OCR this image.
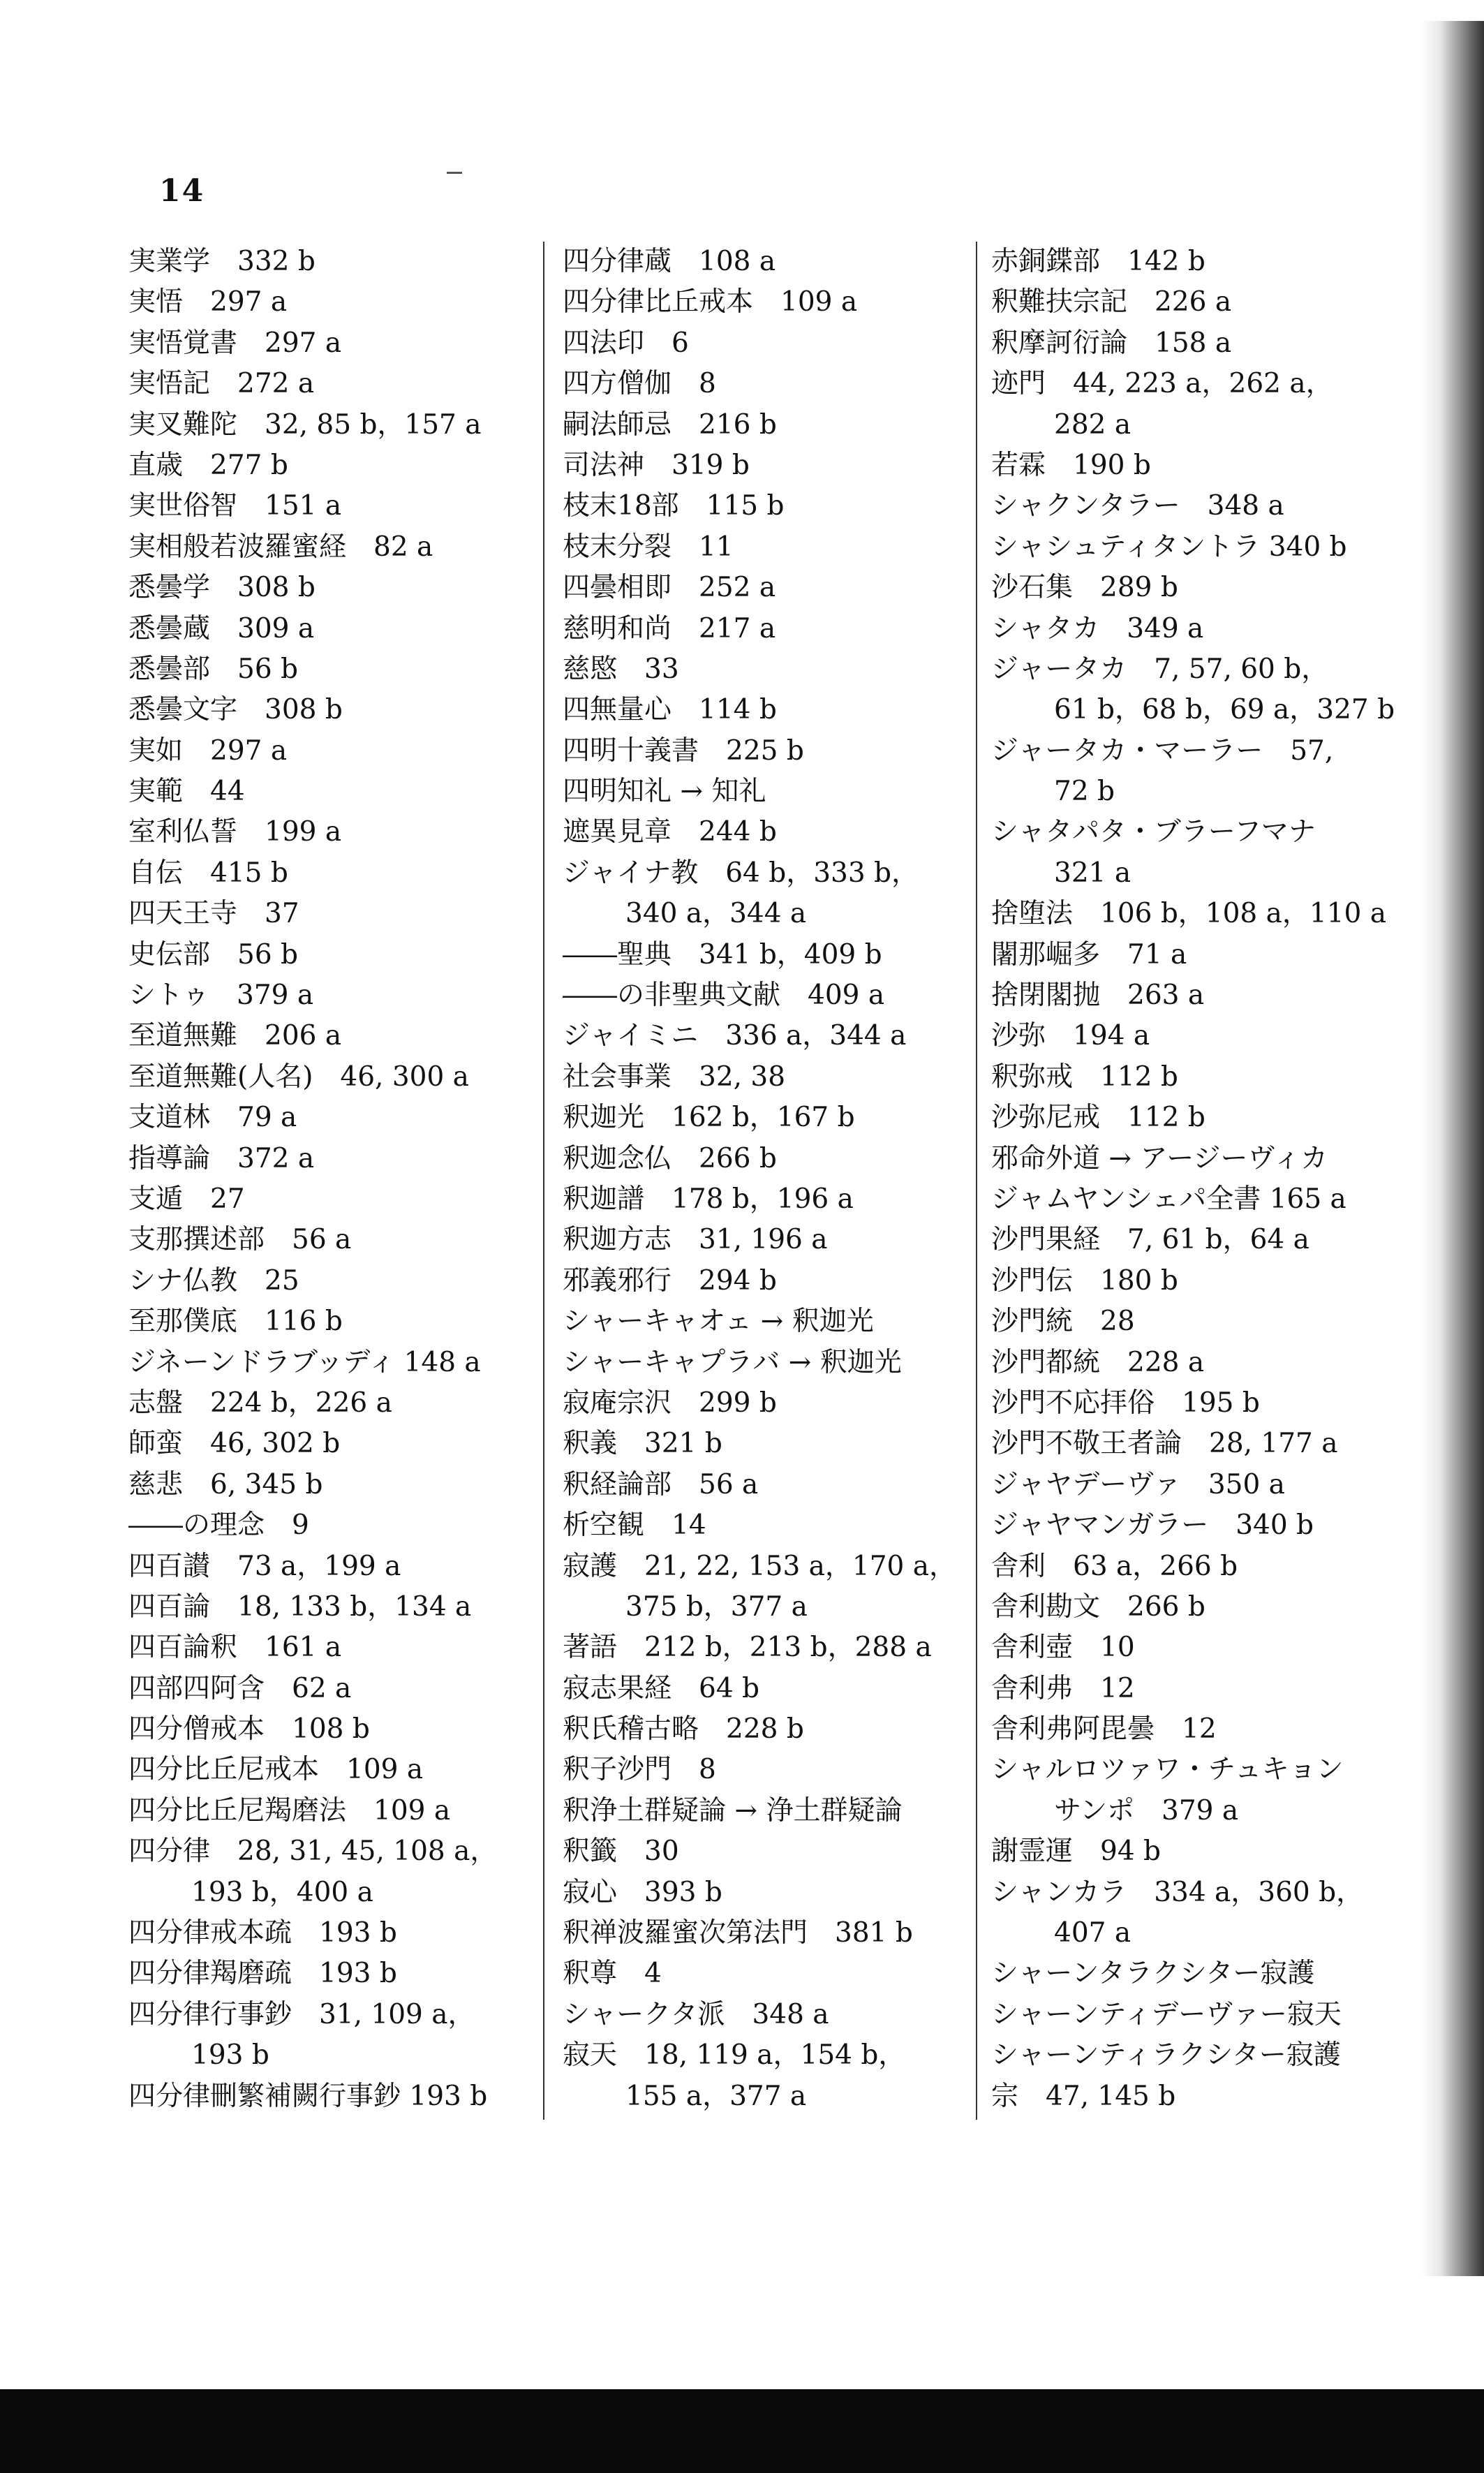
14
実業学　332 b
実悟　297 a
実悟覚書　297 a
実悟記　272 a
実叉難陀　32, 85 b，157 a
直歳　277 b
実世俗智　151 a
実相般若波羅蜜経　82 a
悉曇学　308 b
悉曇蔵　309 a
悉曇部　56 b
悉曇文字　308 b
実如　297 a
実範　44
室利仏誓　199 a
自伝　415 b
四天王寺　37
史伝部　56 b
シトゥ　379 a
至道無難　206 a
至道無難(人名)　46, 300 a
支道林　79 a
指導論　372 a
支遁　27
支那撰述部　56 a
シナ仏教　25
至那僕底　116 b
ジネーンドラブッディ 148 a
志盤　224 b，226 a
師蛮　46, 302 b
慈悲　6, 345 b
――の理念　9
四百讃　73 a，199 a
四百論　18, 133 b，134 a
四百論釈　161 a
四部四阿含　62 a
四分僧戒本　108 b
四分比丘尼戒本　109 a
四分比丘尼羯磨法　109 a
四分律　28, 31, 45, 108 a，
193 b，400 a
四分律戒本疏　193 b
四分律羯磨疏　193 b
四分律行事鈔　31, 109 a，
193 b
四分律刪繁補闕行事鈔 193 b
四分律蔵　108 a
四分律比丘戒本　109 a
四法印　6
四方僧伽　8
嗣法師忌　216 b
司法神　319 b
枝末18部　115 b
枝末分裂　11
四曇相即　252 a
慈明和尚　217 a
慈愍　33
四無量心　114 b
四明十義書　225 b
四明知礼 → 知礼
遮異見章　244 b
ジャイナ教　64 b，333 b，
340 a，344 a
――聖典　341 b，409 b
――の非聖典文献　409 a
ジャイミニ　336 a，344 a
社会事業　32, 38
釈迦光　162 b，167 b
釈迦念仏　266 b
釈迦譜　178 b，196 a
釈迦方志　31, 196 a
邪義邪行　294 b
シャーキャオェ → 釈迦光
シャーキャプラバ → 釈迦光
寂庵宗沢　299 b
釈義　321 b
釈経論部　56 a
析空観　14
寂護　21, 22, 153 a，170 a，
375 b，377 a
著語　212 b，213 b，288 a
寂志果経　64 b
釈氏稽古略　228 b
釈子沙門　8
釈浄土群疑論 → 浄土群疑論
釈籤　30
寂心　393 b
釈禅波羅蜜次第法門　381 b
釈尊　4
シャークタ派　348 a
寂天　18, 119 a，154 b，
155 a，377 a
赤銅鍱部　142 b
釈難扶宗記　226 a
釈摩訶衍論　158 a
迹門　44, 223 a，262 a，
282 a
若霖　190 b
シャクンタラー　348 a
シャシュティタントラ 340 b
沙石集　289 b
シャタカ　349 a
ジャータカ　7, 57, 60 b，
61 b，68 b，69 a，327 b
ジャータカ・マーラー　57,
72 b
シャタパタ・ブラーフマナ
321 a
捨堕法　106 b，108 a，110 a
闍那崛多　71 a
捨閉閣抛　263 a
沙弥　194 a
釈弥戒　112 b
沙弥尼戒　112 b
邪命外道 → アージーヴィカ
ジャムヤンシェパ全書 165 a
沙門果経　7, 61 b，64 a
沙門伝　180 b
沙門統　28
沙門都統　228 a
沙門不応拝俗　195 b
沙門不敬王者論　28, 177 a
ジャヤデーヴァ　350 a
ジャヤマンガラー　340 b
舎利　63 a，266 b
舎利勘文　266 b
舎利壺　10
舎利弗　12
舎利弗阿毘曇　12
シャルロツァワ・チュキョン
サンポ　379 a
謝霊運　94 b
シャンカラ　334 a，360 b，
407 a
シャーンタラクシター寂護
シャーンティデーヴァー寂天
シャーンティラクシター寂護
宗　47, 145 b
